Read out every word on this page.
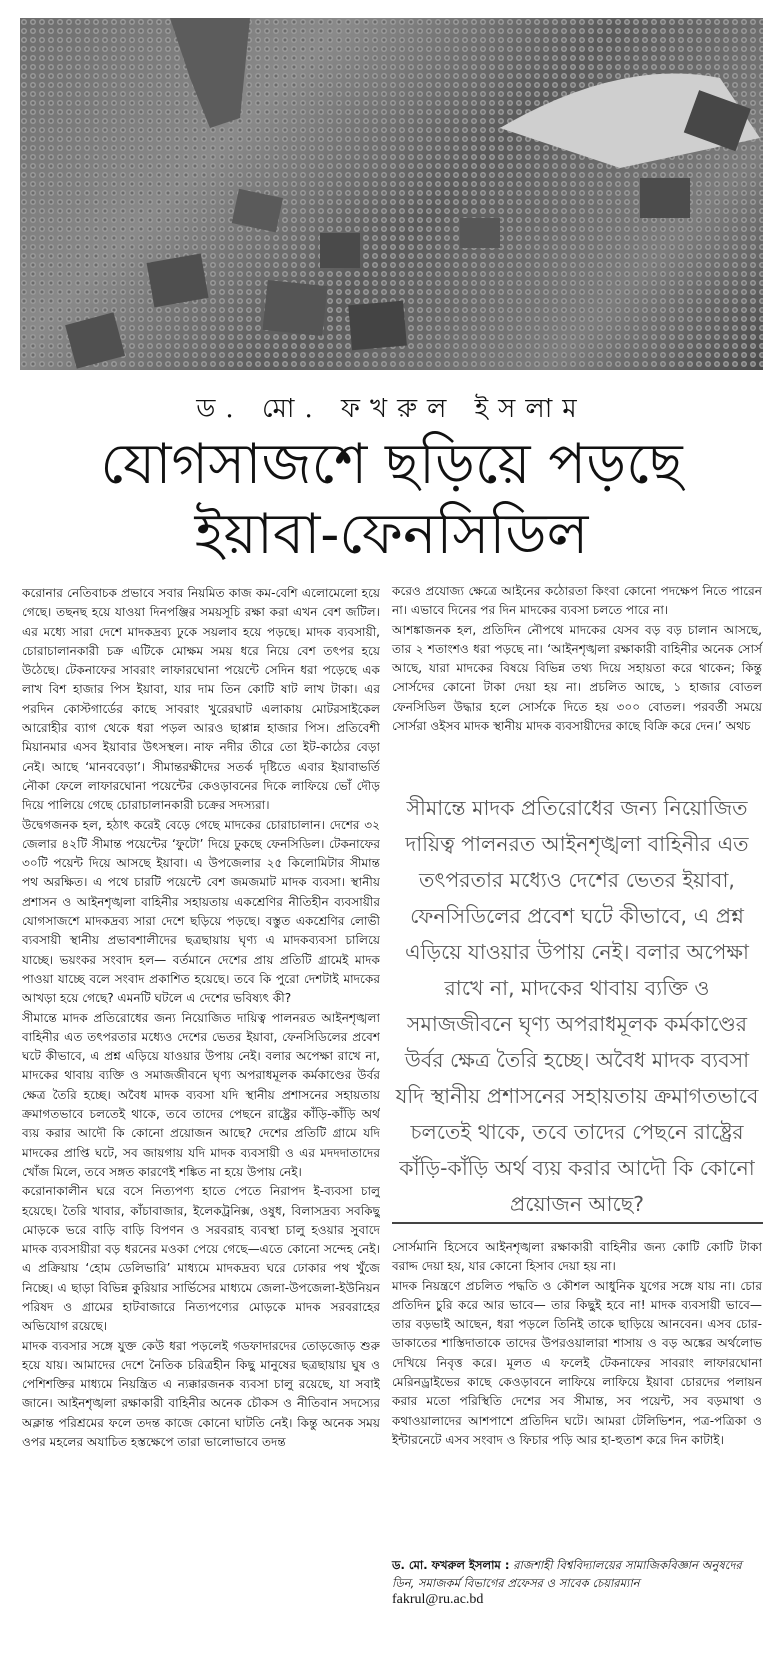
ড. মো. ফখরুল ইসলাম
যোগসাজশে ছড়িয়ে পড়ছে
ইয়াবা-ফেনসিডিল

করোনার নেতিবাচক প্রভাবে সবার নিয়মিত কাজ কম-বেশি এলোমেলো হয়ে গেছে। তছনছ হয়ে যাওয়া দিনপঞ্জির সময়সূচি রক্ষা করা এখন বেশ জটিল। এর মধ্যে সারা দেশে মাদকদ্রব্য ঢুকে সয়লাব হয়ে পড়ছে। মাদক ব্যবসায়ী, চোরাচালানকারী চক্র এটিকে মোক্ষম সময় ধরে নিয়ে বেশ তৎপর হয়ে উঠেছে। টেকনাফের সাবরাং লাফারঘোনা পয়েন্টে সেদিন ধরা পড়েছে এক লাখ বিশ হাজার পিস ইয়াবা, যার দাম তিন কোটি ষাট লাখ টাকা। এর পরদিন কোস্টগার্ডের কাছে সাবরাং খুরেরঘাট এলাকায় মোটরসাইকেল আরোহীর ব্যাগ থেকে ধরা পড়ল আরও ছাপ্পান্ন হাজার পিস। প্রতিবেশী মিয়ানমার এসব ইয়াবার উৎসস্থল। নাফ নদীর তীরে তো ইট-কাঠের বেড়া নেই। আছে ‘মানববেড়া’। সীমান্তরক্ষীদের সতর্ক দৃষ্টিতে এবার ইয়াবাভর্তি নৌকা ফেলে লাফারঘোনা পয়েন্টের কেওড়াবনের দিকে লাফিয়ে ভোঁ দৌড় দিয়ে পালিয়ে গেছে চোরাচালানকারী চক্রের সদস্যরা।

উদ্বেগজনক হল, হঠাৎ করেই বেড়ে গেছে মাদকের চোরাচালান। দেশের ৩২ জেলার ৪২টি সীমান্ত পয়েন্টের ‘ফুটো’ দিয়ে ঢুকছে ফেনসিডিল। টেকনাফের ৩০টি পয়েন্ট দিয়ে আসছে ইয়াবা। এ উপজেলার ২৫ কিলোমিটার সীমান্ত পথ অরক্ষিত। এ পথে চারটি পয়েন্টে বেশ জমজমাট মাদক ব্যবসা। স্থানীয় প্রশাসন ও আইনশৃঙ্খলা বাহিনীর সহায়তায় একশ্রেণির নীতিহীন ব্যবসায়ীর যোগসাজশে মাদকদ্রব্য সারা দেশে ছড়িয়ে পড়ছে। বস্তুত একশ্রেণির লোভী ব্যবসায়ী স্থানীয় প্রভাবশালীদের ছত্রছায়ায় ঘৃণ্য এ মাদকব্যবসা চালিয়ে যাচ্ছে। ভয়ংকর সংবাদ হল— বর্তমানে দেশের প্রায় প্রতিটি গ্রামেই মাদক পাওয়া যাচ্ছে বলে সংবাদ প্রকাশিত হয়েছে। তবে কি পুরো দেশটাই মাদকের আখড়া হয়ে গেছে? এমনটি ঘটলে এ দেশের ভবিষ্যৎ কী?

সীমান্তে মাদক প্রতিরোধের জন্য নিয়োজিত দায়িত্ব পালনরত আইনশৃঙ্খলা বাহিনীর এত তৎপরতার মধ্যেও দেশের ভেতর ইয়াবা, ফেনসিডিলের প্রবেশ ঘটে কীভাবে, এ প্রশ্ন এড়িয়ে যাওয়ার উপায় নেই। বলার অপেক্ষা রাখে না, মাদকের থাবায় ব্যক্তি ও সমাজজীবনে ঘৃণ্য অপরাধমূলক কর্মকাণ্ডের উর্বর ক্ষেত্র তৈরি হচ্ছে। অবৈধ মাদক ব্যবসা যদি স্থানীয় প্রশাসনের সহায়তায় ক্রমাগতভাবে চলতেই থাকে, তবে তাদের পেছনে রাষ্ট্রের কাঁড়ি-কাঁড়ি অর্থ ব্যয় করার আদৌ কি কোনো প্রয়োজন আছে? দেশের প্রতিটি গ্রামে যদি মাদকের প্রাপ্তি ঘটে, সব জায়গায় যদি মাদক ব্যবসায়ী ও এর মদদদাতাদের খোঁজ মিলে, তবে সঙ্গত কারণেই শঙ্কিত না হয়ে উপায় নেই।

করোনাকালীন ঘরে বসে নিত্যপণ্য হাতে পেতে নিরাপদ ই-ব্যবসা চালু হয়েছে। তৈরি খাবার, কাঁচাবাজার, ইলেকট্রনিক্স, ওষুধ, বিলাসদ্রব্য সবকিছু মোড়কে ভরে বাড়ি বাড়ি বিপণন ও সরবরাহ ব্যবস্থা চালু হওয়ার সুবাদে মাদক ব্যবসায়ীরা বড় ধরনের মওকা পেয়ে গেছে—এতে কোনো সন্দেহ নেই। এ প্রক্রিয়ায় ‘হোম ডেলিভারি’ মাধ্যমে মাদকদ্রব্য ঘরে ঢোকার পথ খুঁজে নিচ্ছে। এ ছাড়া বিভিন্ন কুরিয়ার সার্ভিসের মাধ্যমে জেলা-উপজেলা-ইউনিয়ন পরিষদ ও গ্রামের হাটবাজারে নিত্যপণ্যের মোড়কে মাদক সরবরাহের অভিযোগ রয়েছে।

মাদক ব্যবসার সঙ্গে যুক্ত কেউ ধরা পড়লেই গডফাদারদের তোড়জোড় শুরু হয়ে যায়। আমাদের দেশে নৈতিক চরিত্রহীন কিছু মানুষের ছত্রছায়ায় ঘুষ ও পেশিশক্তির মাধ্যমে নিয়ন্ত্রিত এ ন্যক্কারজনক ব্যবসা চালু রয়েছে, যা সবাই জানে। আইনশৃঙ্খলা রক্ষাকারী বাহিনীর অনেক চৌকস ও নীতিবান সদস্যের অক্লান্ত পরিশ্রমের ফলে তদন্ত কাজে কোনো ঘাটতি নেই। কিন্তু অনেক সময় ওপর মহলের অযাচিত হস্তক্ষেপে তারা ভালোভাবে তদন্ত

করেও প্রযোজ্য ক্ষেত্রে আইনের কঠোরতা কিংবা কোনো পদক্ষেপ নিতে পারেন না। এভাবে দিনের পর দিন মাদকের ব্যবসা চলতে পারে না।

আশঙ্কাজনক হল, প্রতিদিন নৌপথে মাদকের যেসব বড় বড় চালান আসছে, তার ২ শতাংশও ধরা পড়ছে না। ‘আইনশৃঙ্খলা রক্ষাকারী বাহিনীর অনেক সোর্স আছে, যারা মাদকের বিষয়ে বিভিন্ন তথ্য দিয়ে সহায়তা করে থাকেন; কিন্তু সোর্সদের কোনো টাকা দেয়া হয় না। প্রচলিত আছে, ১ হাজার বোতল ফেনসিডিল উদ্ধার হলে সোর্সকে দিতে হয় ৩০০ বোতল। পরবর্তী সময়ে সোর্সরা ওইসব মাদক স্থানীয় মাদক ব্যবসায়ীদের কাছে বিক্রি করে দেন।’ অথচ

সীমান্তে মাদক প্রতিরোধের জন্য নিয়োজিত দায়িত্ব পালনরত আইনশৃঙ্খলা বাহিনীর এত তৎপরতার মধ্যেও দেশের ভেতর ইয়াবা, ফেনসিডিলের প্রবেশ ঘটে কীভাবে, এ প্রশ্ন এড়িয়ে যাওয়ার উপায় নেই। বলার অপেক্ষা রাখে না, মাদকের থাবায় ব্যক্তি ও সমাজজীবনে ঘৃণ্য অপরাধমূলক কর্মকাণ্ডের উর্বর ক্ষেত্র তৈরি হচ্ছে। অবৈধ মাদক ব্যবসা যদি স্থানীয় প্রশাসনের সহায়তায় ক্রমাগতভাবে চলতেই থাকে, তবে তাদের পেছনে রাষ্ট্রের কাঁড়ি-কাঁড়ি অর্থ ব্যয় করার আদৌ কি কোনো প্রয়োজন আছে?

সোর্সমানি হিসেবে আইনশৃঙ্খলা রক্ষাকারী বাহিনীর জন্য কোটি কোটি টাকা বরাদ্দ দেয়া হয়, যার কোনো হিসাব দেয়া হয় না।

মাদক নিয়ন্ত্রণে প্রচলিত পদ্ধতি ও কৌশল আধুনিক যুগের সঙ্গে যায় না। চোর প্রতিদিন চুরি করে আর ভাবে— তার কিছুই হবে না! মাদক ব্যবসায়ী ভাবে— তার বড়ভাই আছেন, ধরা পড়লে তিনিই তাকে ছাড়িয়ে আনবেন। এসব চোর-ডাকাতের শাস্তিদাতাকে তাদের উপরওয়ালারা শাসায় ও বড় অঙ্কের অর্থলোভ দেখিয়ে নিবৃত্ত করে। মূলত এ ফলেই টেকনাফের সাবরাং লাফারঘোনা মেরিনড্রাইভের কাছে কেওড়াবনে লাফিয়ে লাফিয়ে ইয়াবা চোরদের পলায়ন করার মতো পরিস্থিতি দেশের সব সীমান্ত, সব পয়েন্ট, সব বড়মাথা ও কথাওয়ালাদের আশপাশে প্রতিদিন ঘটে। আমরা টেলিভিশন, পত্র-পত্রিকা ও ইন্টারনেটে এসব সংবাদ ও ফিচার পড়ি আর হা-হুতাশ করে দিন কাটাই।

ড. মো. ফখরুল ইসলাম : রাজশাহী বিশ্ববিদ্যালয়ের সামাজিকবিজ্ঞান অনুষদের ডিন, সমাজকর্ম বিভাগের প্রফেসর ও সাবেক চেয়ারম্যান
fakrul@ru.ac.bd
